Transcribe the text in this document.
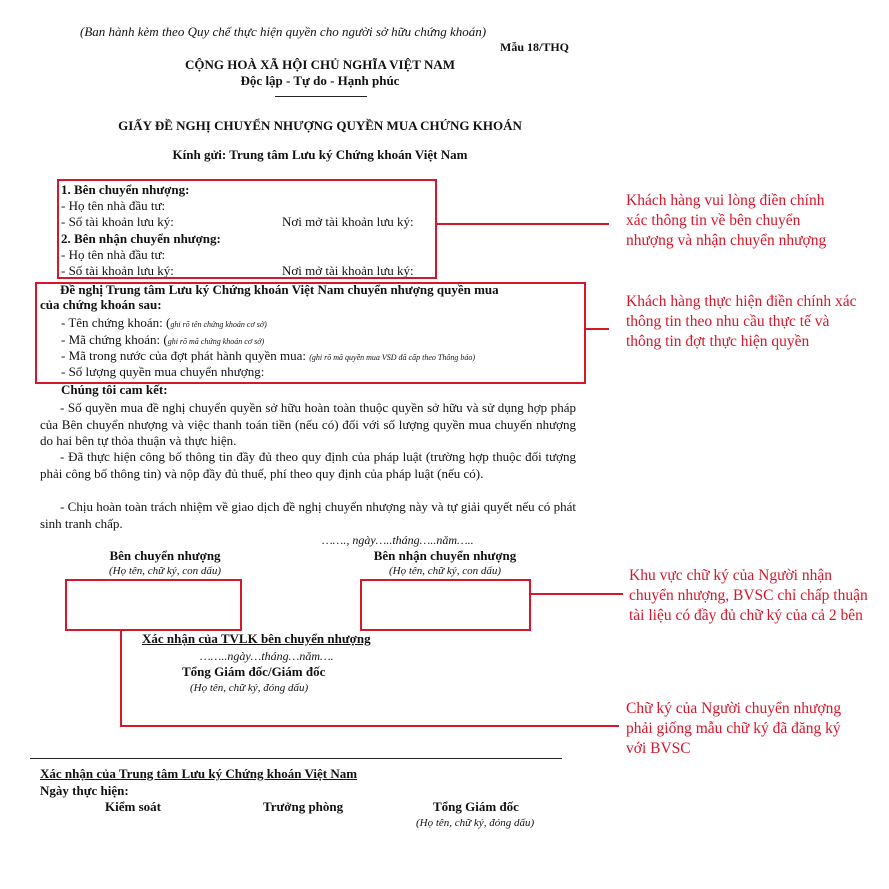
(Ban hành kèm theo Quy chế thực hiện quyền cho người sở hữu chứng khoán)
Mẫu 18/THQ
CỘNG HOÀ XÃ HỘI CHỦ NGHĨA VIỆT NAM
Độc lập - Tự do - Hạnh phúc
GIẤY ĐỀ NGHỊ CHUYỂN NHƯỢNG QUYỀN MUA CHỨNG KHOÁN
Kính gửi: Trung tâm Lưu ký Chứng khoán Việt Nam
1. Bên chuyển nhượng:
- Họ tên nhà đầu tư:
- Số tài khoản lưu ký:	Nơi mở tài khoản lưu ký:
2. Bên nhận chuyển nhượng:
- Họ tên nhà đầu tư:
- Số tài khoản lưu ký:	Nơi mở tài khoản lưu ký:
Đề nghị Trung tâm Lưu ký Chứng khoán Việt Nam chuyển nhượng quyền mua
của chứng khoán sau:
- Tên chứng khoán: (ghi rõ tên chứng khoán cơ sở)
- Mã chứng khoán: (ghi rõ mã chứng khoán cơ sở)
- Mã trong nước của đợt phát hành quyền mua: (ghi rõ mã quyền mua VSD đã cấp theo Thông báo)
- Số lượng quyền mua chuyển nhượng:
Chúng tôi cam kết:
- Số quyền mua đề nghị chuyển quyền sở hữu hoàn toàn thuộc quyền sở hữu và sử dụng hợp pháp của Bên chuyển nhượng và việc thanh toán tiền (nếu có) đối với số lượng quyền mua chuyển nhượng do hai bên tự thỏa thuận và thực hiện.
- Đã thực hiện công bố thông tin đầy đủ theo quy định của pháp luật (trường hợp thuộc đối tượng phải công bố thông tin) và nộp đầy đủ thuế, phí theo quy định của pháp luật (nếu có).
- Chịu hoàn toàn trách nhiệm về giao dịch đề nghị chuyển nhượng này và tự giải quyết nếu có phát sinh tranh chấp.
……., ngày…..tháng…..năm…..
Bên chuyển nhượng
(Họ tên, chữ ký, con dấu)
Bên nhận chuyển nhượng
(Họ tên, chữ ký, con dấu)
Xác nhận của TVLK bên chuyển nhượng
……..ngày…tháng…năm….
Tổng Giám đốc/Giám đốc
(Họ tên, chữ ký, đóng dấu)
Xác nhận của Trung tâm Lưu ký Chứng khoán Việt Nam
Ngày thực hiện:
Kiểm soát	Trưởng phòng	Tổng Giám đốc
(Họ tên, chữ ký, đóng dấu)
Khách hàng vui lòng điền chính
xác thông tin về bên chuyển
nhượng và nhận chuyển nhượng
Khách hàng thực hiện điền chính xác
thông tin theo nhu cầu thực tế và
thông tin đợt thực hiện quyền
Khu vực chữ ký của Người nhận
chuyển nhượng, BVSC chỉ chấp thuận
tài liệu có đầy đủ chữ ký của cả 2 bên
Chữ ký của Người chuyển nhượng
phải giống mẫu chữ ký đã đăng ký
với BVSC
